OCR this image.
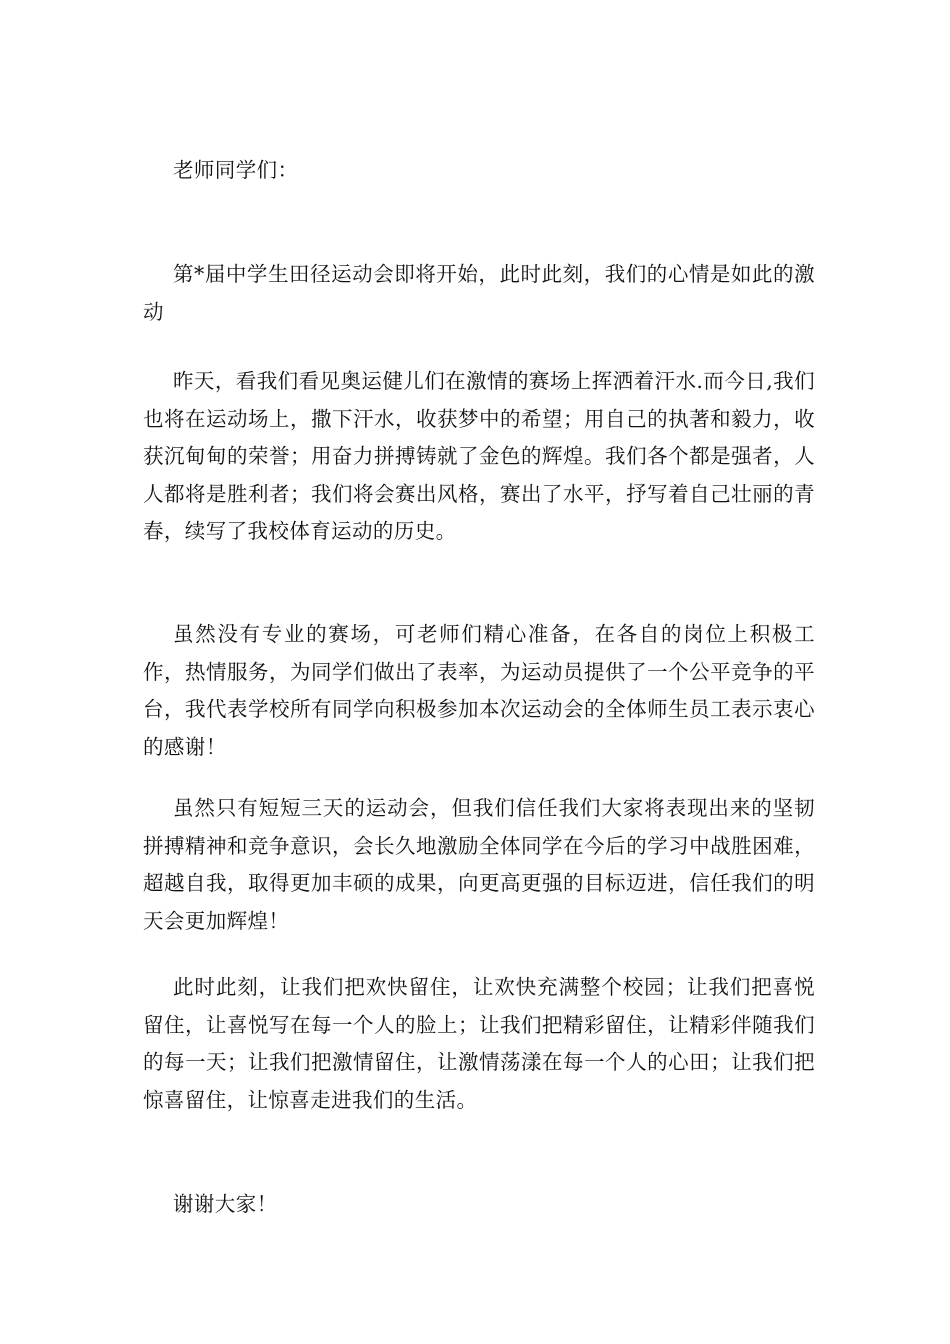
老师同学们：

第*届中学生田径运动会即将开始，此时此刻，我们的心情是如此的激动

昨天，看我们看见奥运健儿们在激情的赛场上挥洒着汗水.而今日,我们也将在运动场上，撒下汗水，收获梦中的希望；用自己的执著和毅力，收获沉甸甸的荣誉；用奋力拼搏铸就了金色的辉煌。我们各个都是强者，人人都将是胜利者；我们将会赛出风格，赛出了水平，抒写着自己壮丽的青春，续写了我校体育运动的历史。

虽然没有专业的赛场，可老师们精心准备，在各自的岗位上积极工作，热情服务，为同学们做出了表率，为运动员提供了一个公平竞争的平台，我代表学校所有同学向积极参加本次运动会的全体师生员工表示衷心的感谢！

虽然只有短短三天的运动会，但我们信任我们大家将表现出来的坚韧拼搏精神和竞争意识，会长久地激励全体同学在今后的学习中战胜困难，超越自我，取得更加丰硕的成果，向更高更强的目标迈进，信任我们的明天会更加辉煌！

此时此刻，让我们把欢快留住，让欢快充满整个校园；让我们把喜悦留住，让喜悦写在每一个人的脸上；让我们把精彩留住，让精彩伴随我们的每一天；让我们把激情留住，让激情荡漾在每一个人的心田；让我们把惊喜留住，让惊喜走进我们的生活。

谢谢大家！
